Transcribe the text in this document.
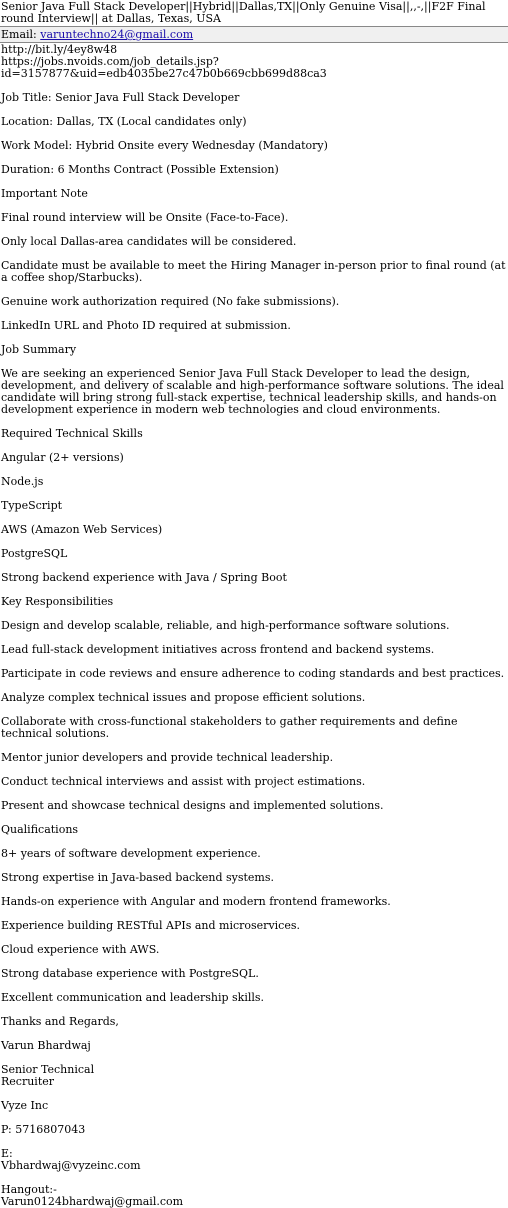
Senior Java Full Stack Developer||Hybrid||Dallas,TX||Only Genuine Visa||,,-,||F2F Final round Interview|| at Dallas, Texas, USA

Email: varuntechno24@gmail.com

http://bit.ly/4ey8w48

https://jobs.nvoids.com/job_details.jsp?id=3157877&uid=edb4035be27c47b0b669cbb699d88ca3

Job Title: Senior Java Full Stack Developer

Location: Dallas, TX (Local candidates only)

Work Model: Hybrid Onsite every Wednesday (Mandatory)

Duration: 6 Months Contract (Possible Extension)

Important Note

Final round interview will be Onsite (Face-to-Face).

Only local Dallas-area candidates will be considered.

Candidate must be available to meet the Hiring Manager in-person prior to final round (at a coffee shop/Starbucks).

Genuine work authorization required (No fake submissions).

LinkedIn URL and Photo ID required at submission.

Job Summary

We are seeking an experienced Senior Java Full Stack Developer to lead the design, development, and delivery of scalable and high-performance software solutions. The ideal candidate will bring strong full-stack expertise, technical leadership skills, and hands-on development experience in modern web technologies and cloud environments.

Required Technical Skills

Angular (2+ versions)

Node.js

TypeScript

AWS (Amazon Web Services)

PostgreSQL

Strong backend experience with Java / Spring Boot

Key Responsibilities

Design and develop scalable, reliable, and high-performance software solutions.

Lead full-stack development initiatives across frontend and backend systems.

Participate in code reviews and ensure adherence to coding standards and best practices.

Analyze complex technical issues and propose efficient solutions.

Collaborate with cross-functional stakeholders to gather requirements and define technical solutions.

Mentor junior developers and provide technical leadership.

Conduct technical interviews and assist with project estimations.

Present and showcase technical designs and implemented solutions.

Qualifications

8+ years of software development experience.

Strong expertise in Java-based backend systems.

Hands-on experience with Angular and modern frontend frameworks.

Experience building RESTful APIs and microservices.

Cloud experience with AWS.

Strong database experience with PostgreSQL.

Excellent communication and leadership skills.

Thanks and Regards,

Varun Bhardwaj

Senior Technical
Recruiter

Vyze Inc

P: 5716807043

E:
Vbhardwaj@vyzeinc.com

Hangout:-
Varun0124bhardwaj@gmail.com
